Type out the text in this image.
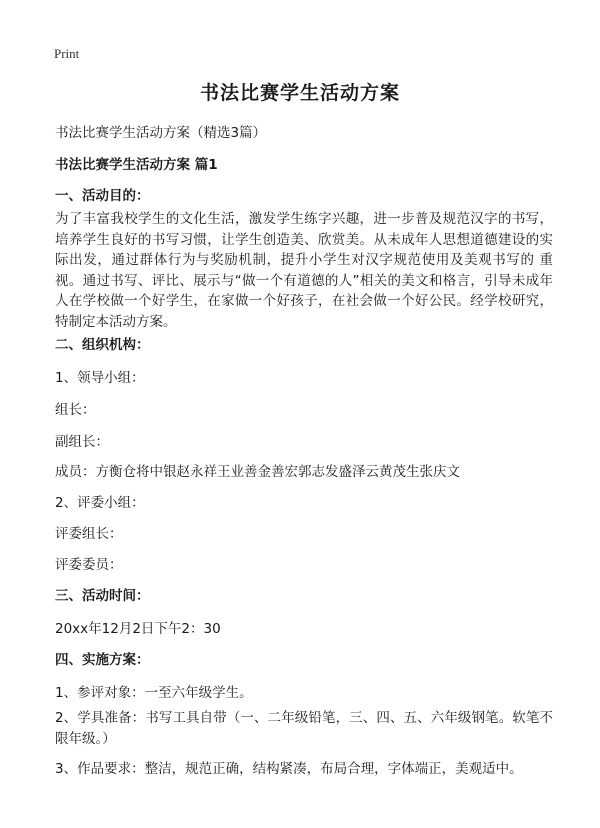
Print
书法比赛学生活动方案
书法比赛学生活动方案（精选3篇）
书法比赛学生活动方案 篇1
一、活动目的：
为了丰富我校学生的文化生活，激发学生练字兴趣，进一步普及规范汉字的书写，培养学生良好的书写习惯，让学生创造美、欣赏美。从未成年人思想道德建设的实际出发，通过群体行为与奖励机制，提升小学生对汉字规范使用及美观书写的 重视。通过书写、评比、展示与“做一个有道德的人”相关的美文和格言，引导未成年人在学校做一个好学生，在家做一个好孩子，在社会做一个好公民。经学校研究，特制定本活动方案。
二、组织机构：
1、领导小组：
组长：
副组长：
成员：方衡仓将中银赵永祥王业善金善宏郭志发盛泽云黄茂生张庆文
2、评委小组：
评委组长：
评委委员：
三、活动时间：
20xx年12月2日下午2：30
四、实施方案：
1、参评对象：一至六年级学生。
2、学具准备：书写工具自带（一、二年级铅笔，三、四、五、六年级钢笔。软笔不限年级。）
3、作品要求：整洁，规范正确，结构紧凑，布局合理，字体端正，美观适中。
